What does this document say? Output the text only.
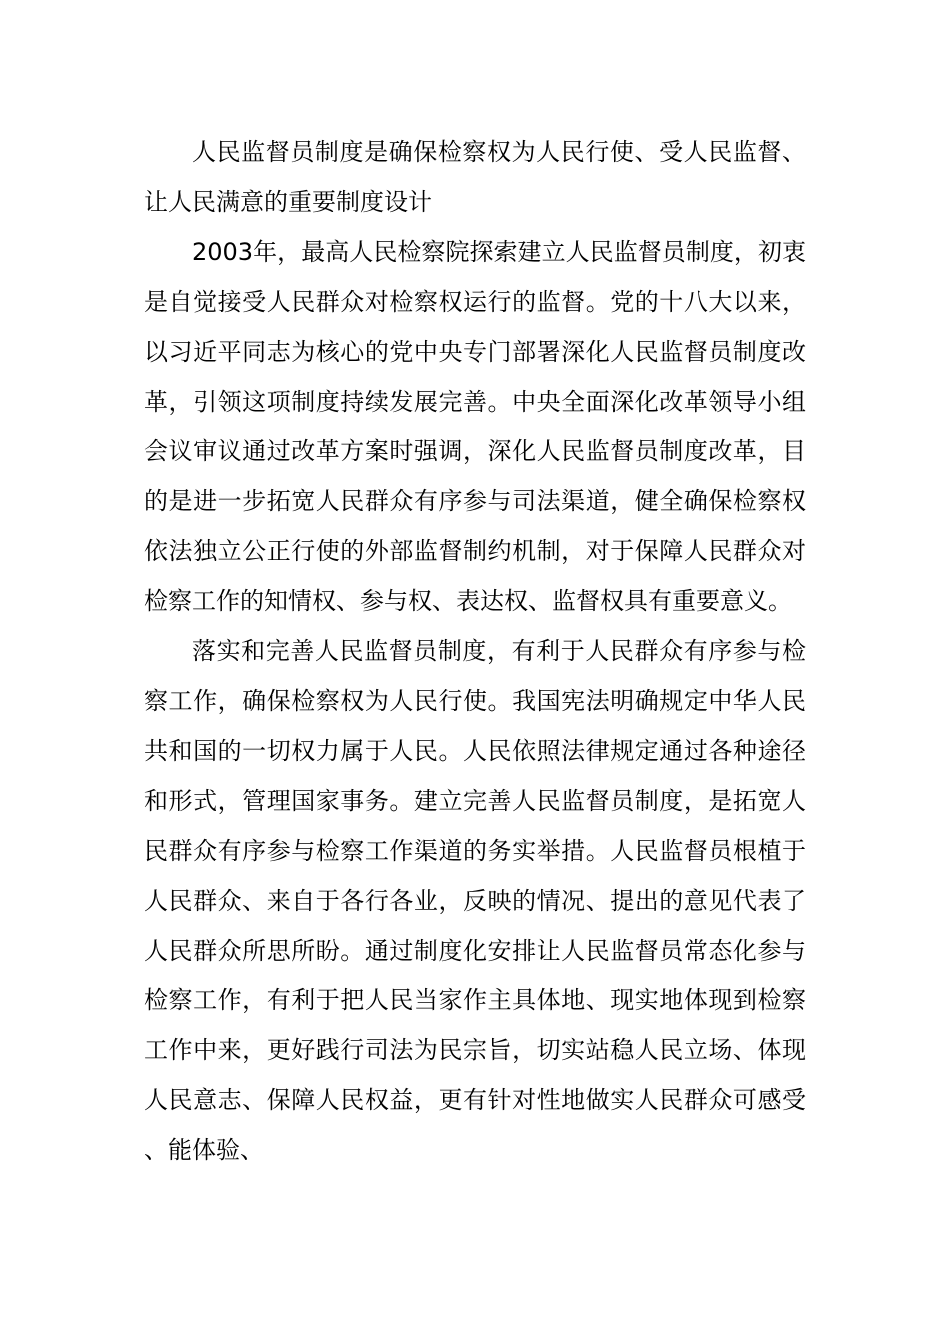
人民监督员制度是确保检察权为人民行使、受人民监督、让人民满意的重要制度设计

2003年，最高人民检察院探索建立人民监督员制度，初衷是自觉接受人民群众对检察权运行的监督。党的十八大以来，以习近平同志为核心的党中央专门部署深化人民监督员制度改革，引领这项制度持续发展完善。中央全面深化改革领导小组会议审议通过改革方案时强调，深化人民监督员制度改革，目的是进一步拓宽人民群众有序参与司法渠道，健全确保检察权依法独立公正行使的外部监督制约机制，对于保障人民群众对检察工作的知情权、参与权、表达权、监督权具有重要意义。

落实和完善人民监督员制度，有利于人民群众有序参与检察工作，确保检察权为人民行使。我国宪法明确规定中华人民共和国的一切权力属于人民。人民依照法律规定通过各种途径和形式，管理国家事务。建立完善人民监督员制度，是拓宽人民群众有序参与检察工作渠道的务实举措。人民监督员根植于人民群众、来自于各行各业，反映的情况、提出的意见代表了人民群众所思所盼。通过制度化安排让人民监督员常态化参与检察工作，有利于把人民当家作主具体地、现实地体现到检察工作中来，更好践行司法为民宗旨，切实站稳人民立场、体现人民意志、保障人民权益，更有针对性地做实人民群众可感受、能体验、
